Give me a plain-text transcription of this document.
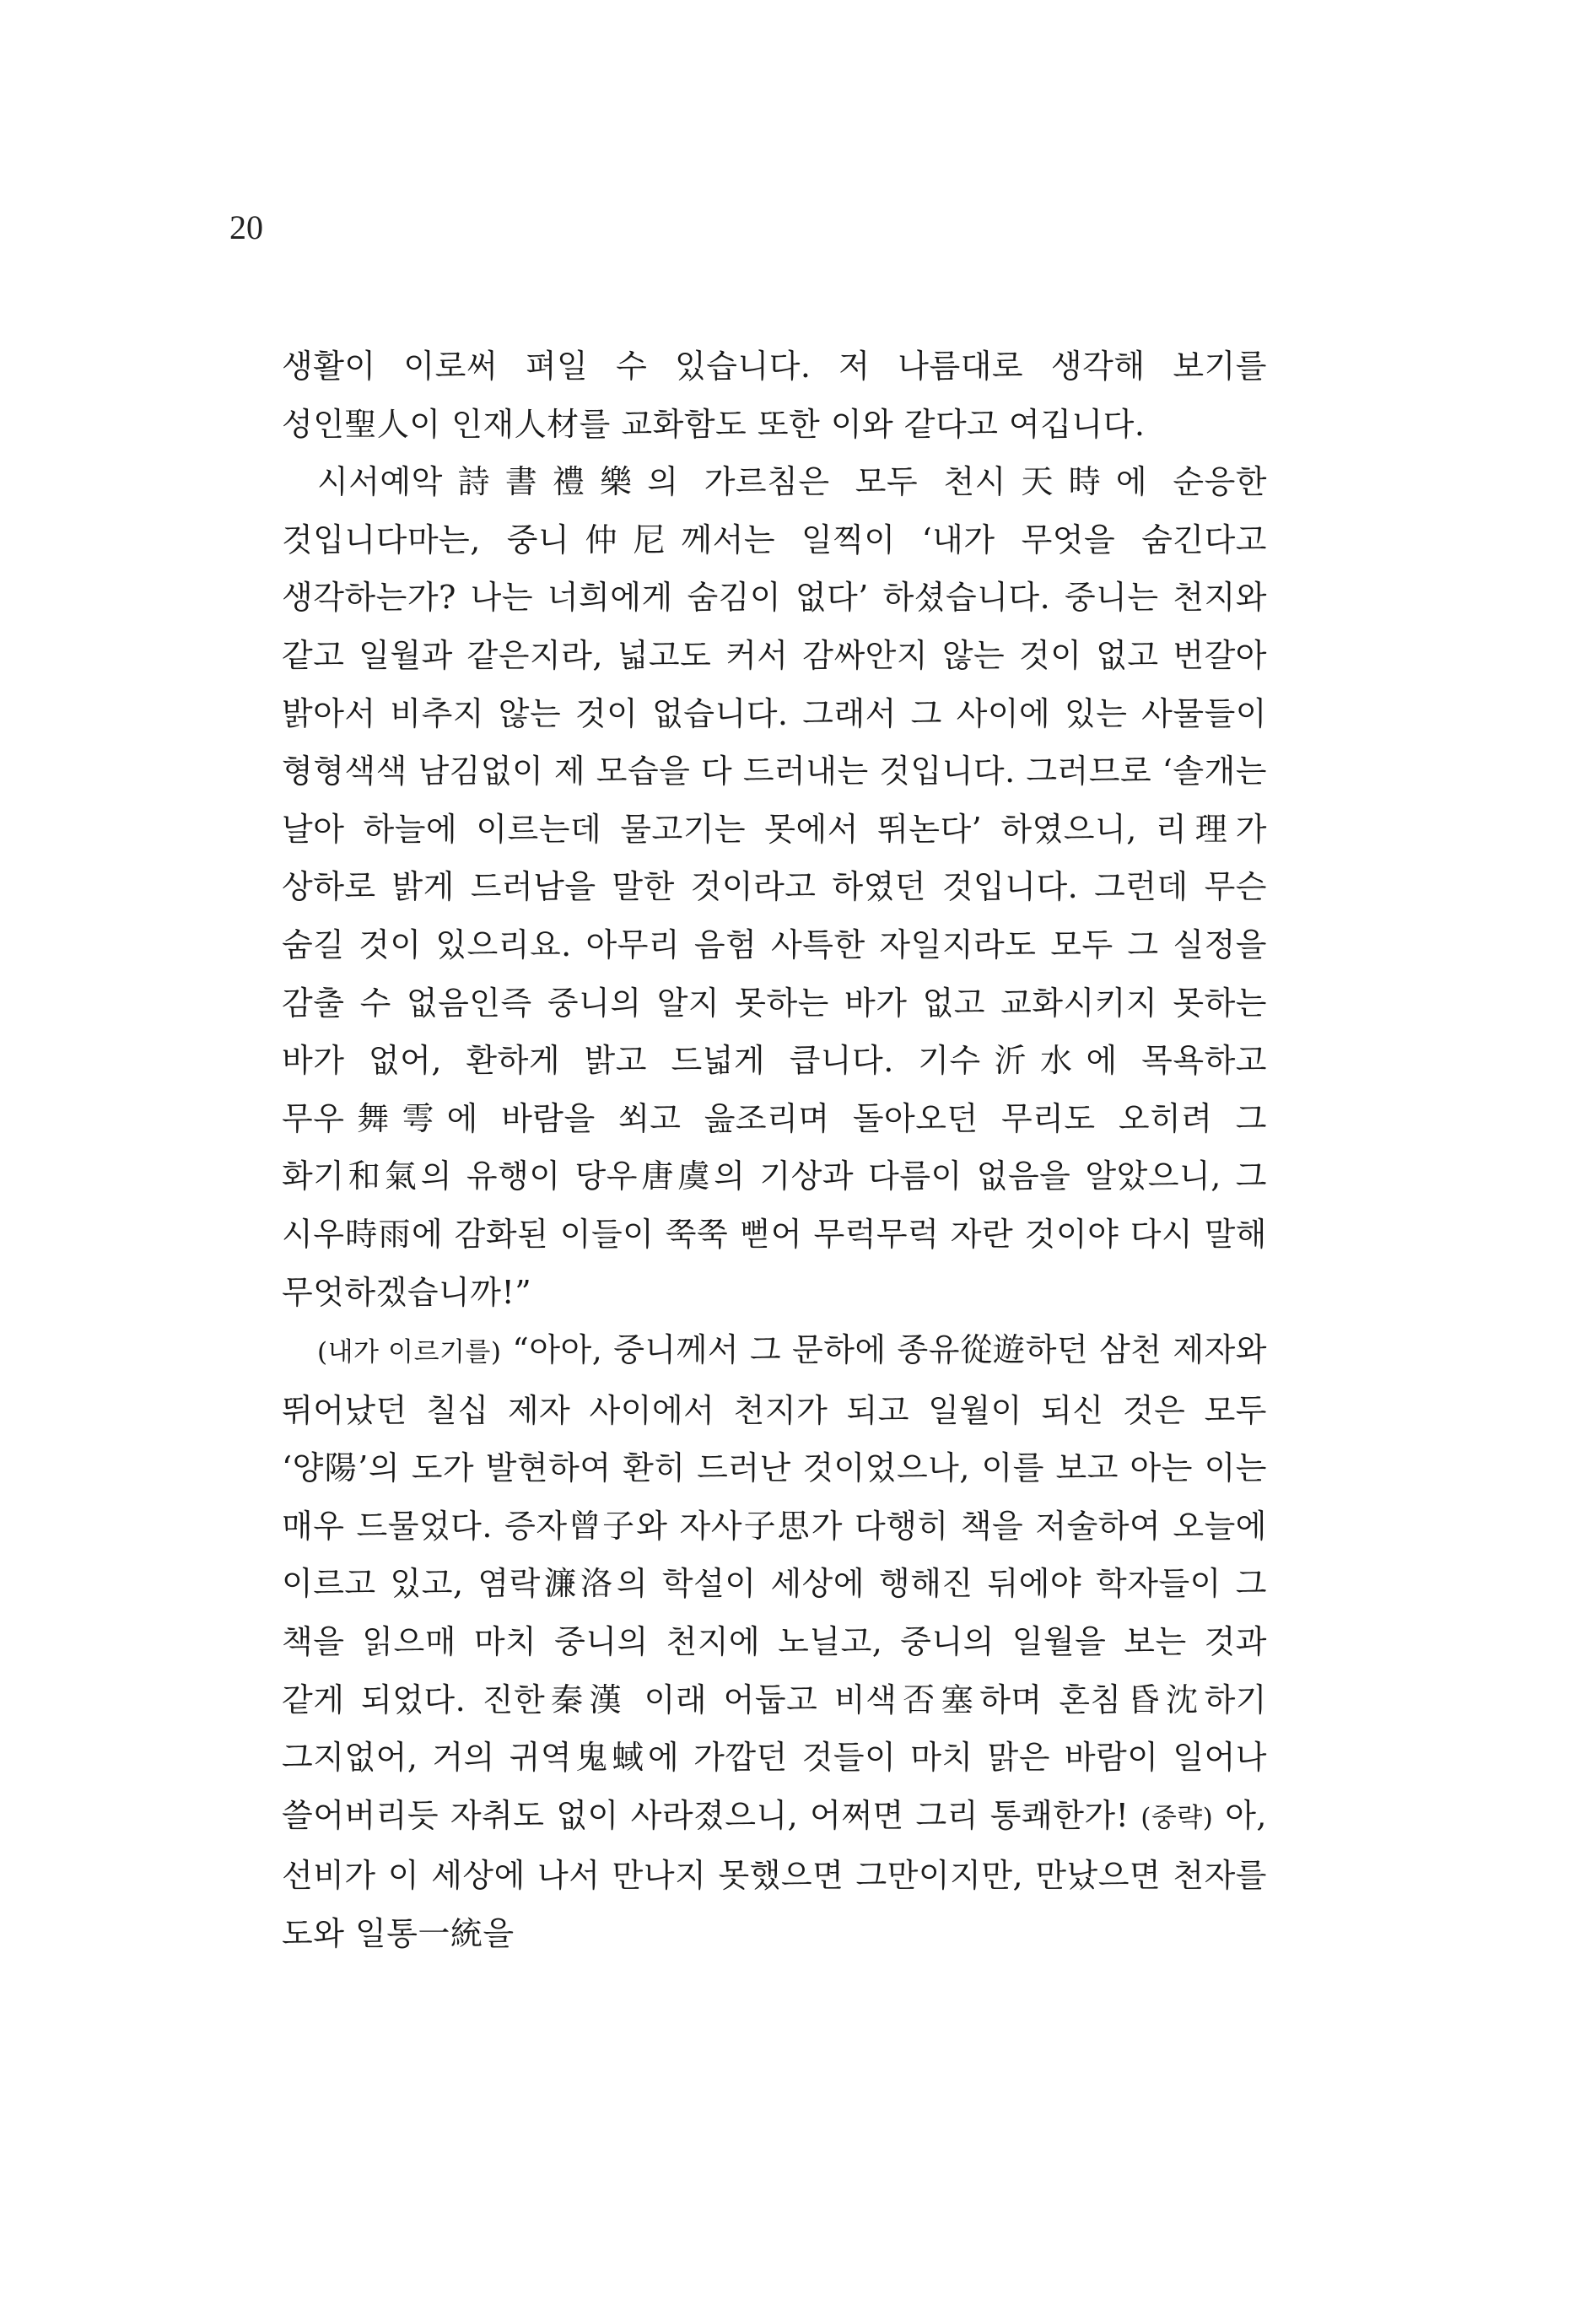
20

생활이 이로써 펴일 수 있습니다. 저 나름대로 생각해 보기를 성인聖人이 인재人材를 교화함도 또한 이와 같다고 여깁니다.

시서예악詩書禮樂의 가르침은 모두 천시天時에 순응한 것입니다마는, 중니仲尼께서는 일찍이 ‘내가 무엇을 숨긴다고 생각하는가? 나는 너희에게 숨김이 없다’ 하셨습니다. 중니는 천지와 같고 일월과 같은지라, 넓고도 커서 감싸안지 않는 것이 없고 번갈아 밝아서 비추지 않는 것이 없습니다. 그래서 그 사이에 있는 사물들이 형형색색 남김없이 제 모습을 다 드러내는 것입니다. 그러므로 ‘솔개는 날아 하늘에 이르는데 물고기는 못에서 뛰논다’ 하였으니, 리理가 상하로 밝게 드러남을 말한 것이라고 하였던 것입니다. 그런데 무슨 숨길 것이 있으리요. 아무리 음험 사특한 자일지라도 모두 그 실정을 감출 수 없음인즉 중니의 알지 못하는 바가 없고 교화시키지 못하는 바가 없어, 환하게 밝고 드넓게 큽니다. 기수沂水에 목욕하고 무우舞雩에 바람을 쐬고 읊조리며 돌아오던 무리도 오히려 그 화기和氣의 유행이 당우唐虞의 기상과 다름이 없음을 알았으니, 그 시우時雨에 감화된 이들이 쭉쭉 뻗어 무럭무럭 자란 것이야 다시 말해 무엇하겠습니까!”

(내가 이르기를) “아아, 중니께서 그 문하에 종유從遊하던 삼천 제자와 뛰어났던 칠십 제자 사이에서 천지가 되고 일월이 되신 것은 모두 ‘양陽’의 도가 발현하여 환히 드러난 것이었으나, 이를 보고 아는 이는 매우 드물었다. 증자曾子와 자사子思가 다행히 책을 저술하여 오늘에 이르고 있고, 염락濂洛의 학설이 세상에 행해진 뒤에야 학자들이 그 책을 읽으매 마치 중니의 천지에 노닐고, 중니의 일월을 보는 것과 같게 되었다. 진한秦漢 이래 어둡고 비색否塞하며 혼침昏沈하기 그지없어, 거의 귀역鬼蜮에 가깝던 것들이 마치 맑은 바람이 일어나 쓸어버리듯 자취도 없이 사라졌으니, 어쩌면 그리 통쾌한가! (중략) 아, 선비가 이 세상에 나서 만나지 못했으면 그만이지만, 만났으면 천자를 도와 일통一統을
